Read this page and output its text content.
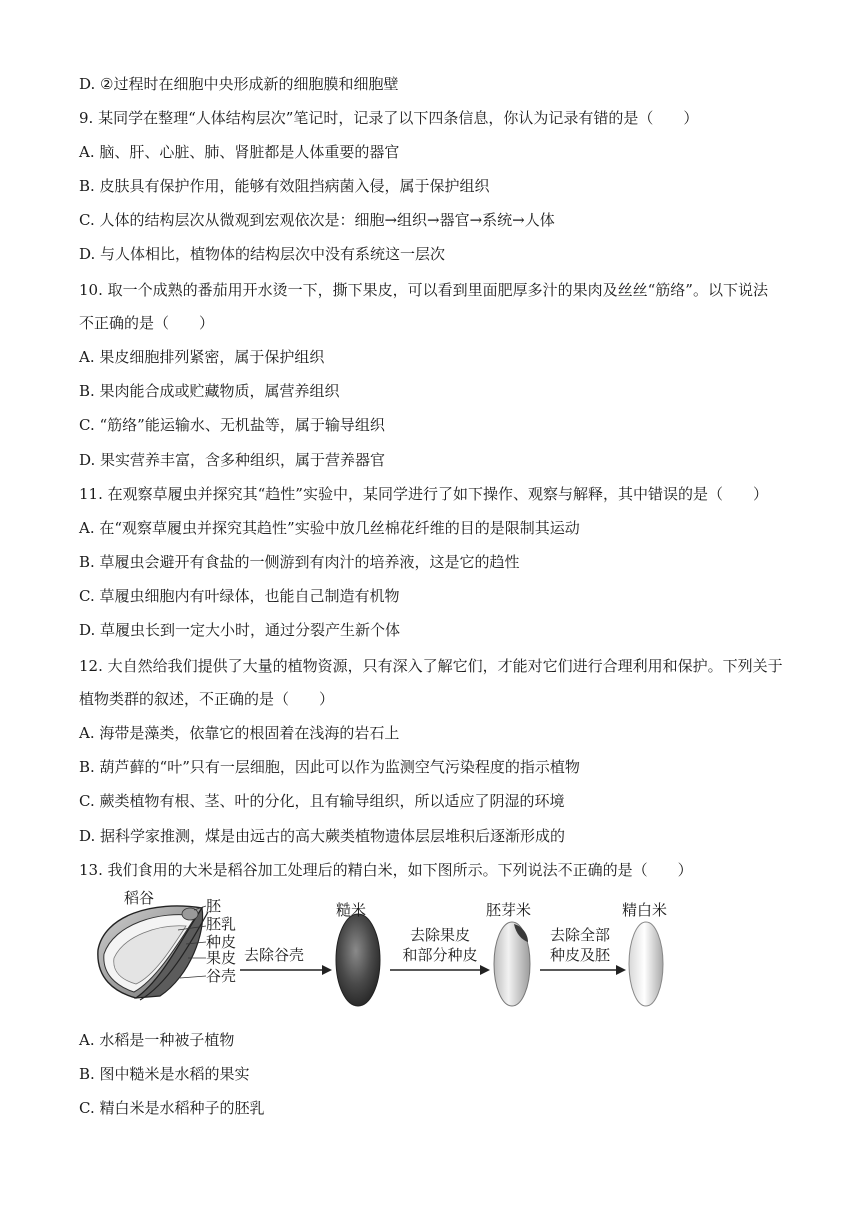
D. ②过程时在细胞中央形成新的细胞膜和细胞壁
9. 某同学在整理“人体结构层次”笔记时，记录了以下四条信息，你认为记录有错的是（　　）
A. 脑、肝、心脏、肺、肾脏都是人体重要的器官
B. 皮肤具有保护作用，能够有效阻挡病菌入侵，属于保护组织
C. 人体的结构层次从微观到宏观依次是：细胞→组织→器官→系统→人体
D. 与人体相比，植物体的结构层次中没有系统这一层次
10. 取一个成熟的番茄用开水烫一下，撕下果皮，可以看到里面肥厚多汁的果肉及丝丝“筋络”。以下说法
不正确的是（　　）
A. 果皮细胞排列紧密，属于保护组织
B. 果肉能合成或贮藏物质，属营养组织
C. “筋络”能运输水、无机盐等，属于输导组织
D. 果实营养丰富，含多种组织，属于营养器官
11. 在观察草履虫并探究其“趋性”实验中，某同学进行了如下操作、观察与解释，其中错误的是（　　）
A. 在“观察草履虫并探究其趋性”实验中放几丝棉花纤维的目的是限制其运动
B. 草履虫会避开有食盐的一侧游到有肉汁的培养液，这是它的趋性
C. 草履虫细胞内有叶绿体，也能自己制造有机物
D. 草履虫长到一定大小时，通过分裂产生新个体
12. 大自然给我们提供了大量的植物资源，只有深入了解它们，才能对它们进行合理利用和保护。下列关于
植物类群的叙述，不正确的是（　　）
A. 海带是藻类，依靠它的根固着在浅海的岩石上
B. 葫芦藓的“叶”只有一层细胞，因此可以作为监测空气污染程度的指示植物
C. 蕨类植物有根、茎、叶的分化，且有输导组织，所以适应了阴湿的环境
D. 据科学家推测，煤是由远古的高大蕨类植物遗体层层堆积后逐渐形成的
13. 我们食用的大米是稻谷加工处理后的精白米，如下图所示。下列说法不正确的是（　　）
稻谷	胚
胚乳
种皮
果皮
谷壳
去除谷壳
糙米
去除果皮
和部分种皮
胚芽米
去除全部
种皮及胚
精白米
A. 水稻是一种被子植物
B. 图中糙米是水稻的果实
C. 精白米是水稻种子的胚乳
